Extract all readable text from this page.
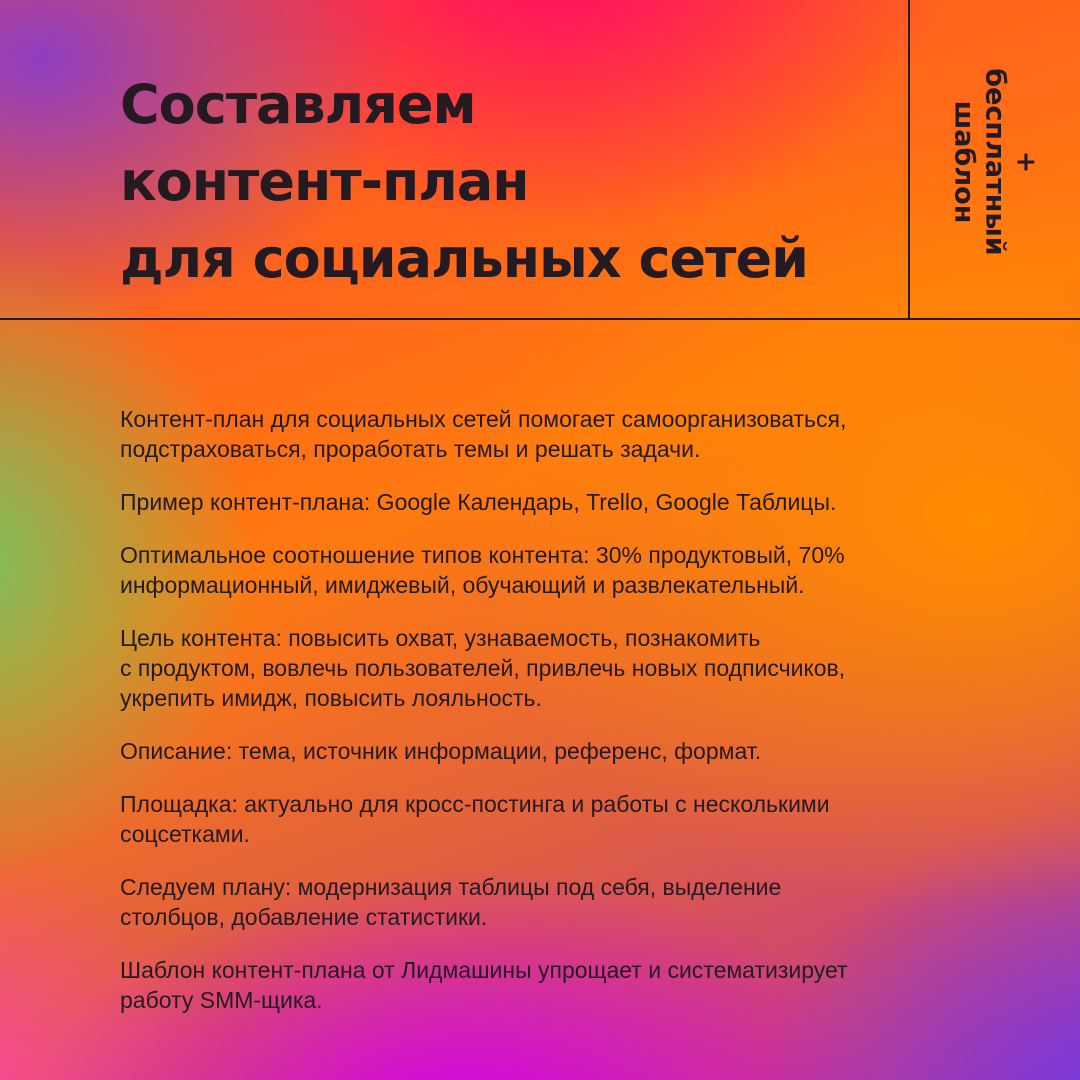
Составляем
контент-план
для социальных сетей
+
бесплатный
шаблон

Контент-план для социальных сетей помогает самоорганизоваться,
подстраховаться, проработать темы и решать задачи.

Пример контент-плана: Google Календарь, Trello, Google Таблицы.

Оптимальное соотношение типов контента: 30% продуктовый, 70%
информационный, имиджевый, обучающий и развлекательный.

Цель контента: повысить охват, узнаваемость, познакомить
с продуктом, вовлечь пользователей, привлечь новых подписчиков,
укрепить имидж, повысить лояльность.

Описание: тема, источник информации, референс, формат.

Площадка: актуально для кросс-постинга и работы с несколькими
соцсетками.

Следуем плану: модернизация таблицы под себя, выделение
столбцов, добавление статистики.

Шаблон контент-плана от Лидмашины упрощает и систематизирует
работу SMM-щика.
